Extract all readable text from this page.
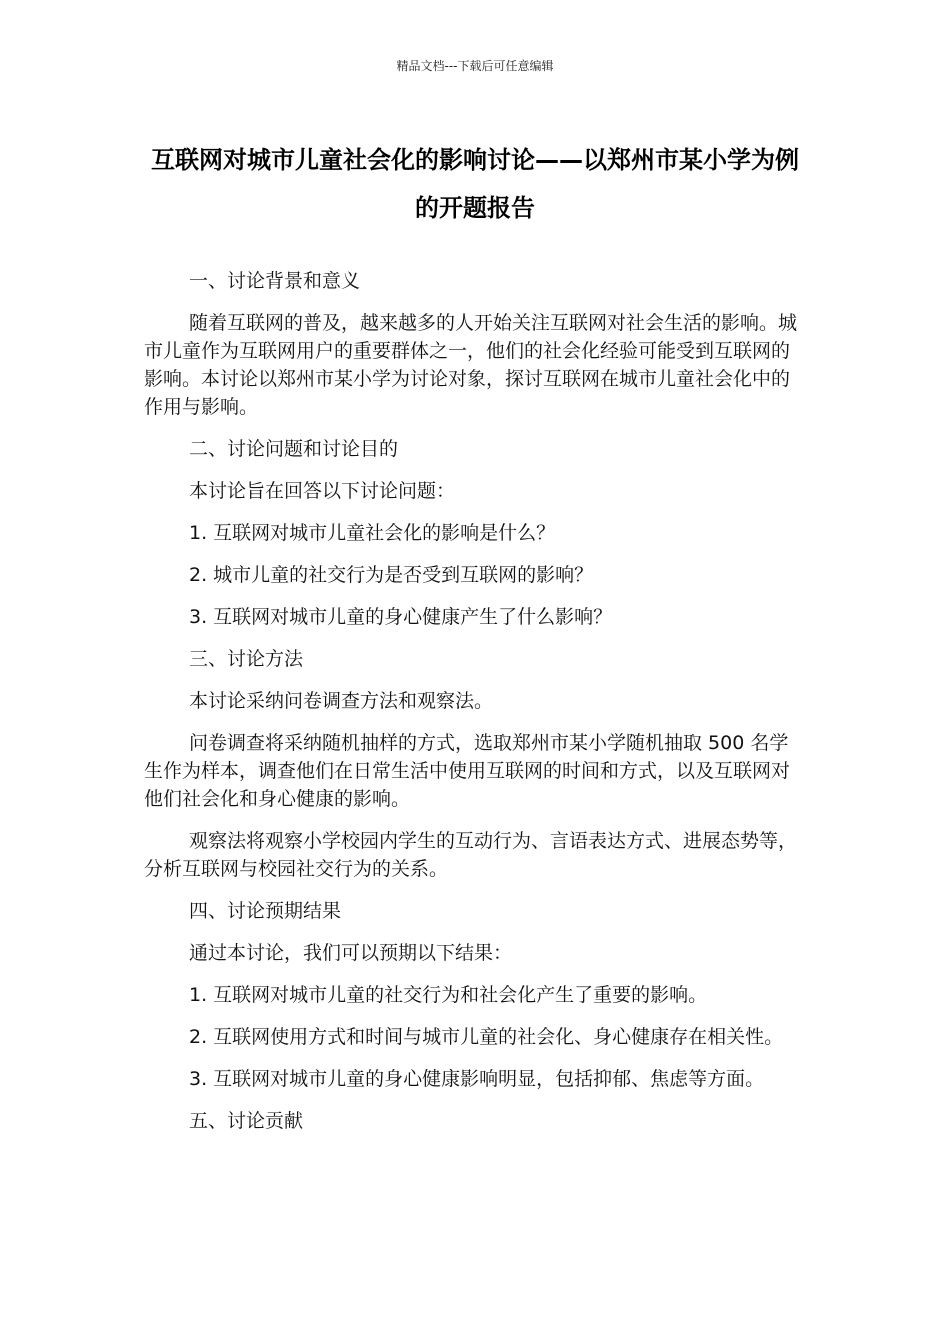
精品文档---下载后可任意编辑
互联网对城市儿童社会化的影响讨论——以郑州市某小学为例的开题报告

一、讨论背景和意义

随着互联网的普及，越来越多的人开始关注互联网对社会生活的影响。城市儿童作为互联网用户的重要群体之一，他们的社会化经验可能受到互联网的影响。本讨论以郑州市某小学为讨论对象，探讨互联网在城市儿童社会化中的作用与影响。

二、讨论问题和讨论目的

本讨论旨在回答以下讨论问题：

1. 互联网对城市儿童社会化的影响是什么？

2. 城市儿童的社交行为是否受到互联网的影响？

3. 互联网对城市儿童的身心健康产生了什么影响？

三、讨论方法

本讨论采纳问卷调查方法和观察法。

问卷调查将采纳随机抽样的方式，选取郑州市某小学随机抽取 500 名学生作为样本，调查他们在日常生活中使用互联网的时间和方式，以及互联网对他们社会化和身心健康的影响。

观察法将观察小学校园内学生的互动行为、言语表达方式、进展态势等，分析互联网与校园社交行为的关系。

四、讨论预期结果

通过本讨论，我们可以预期以下结果：

1. 互联网对城市儿童的社交行为和社会化产生了重要的影响。

2. 互联网使用方式和时间与城市儿童的社会化、身心健康存在相关性。

3. 互联网对城市儿童的身心健康影响明显，包括抑郁、焦虑等方面。

五、讨论贡献
